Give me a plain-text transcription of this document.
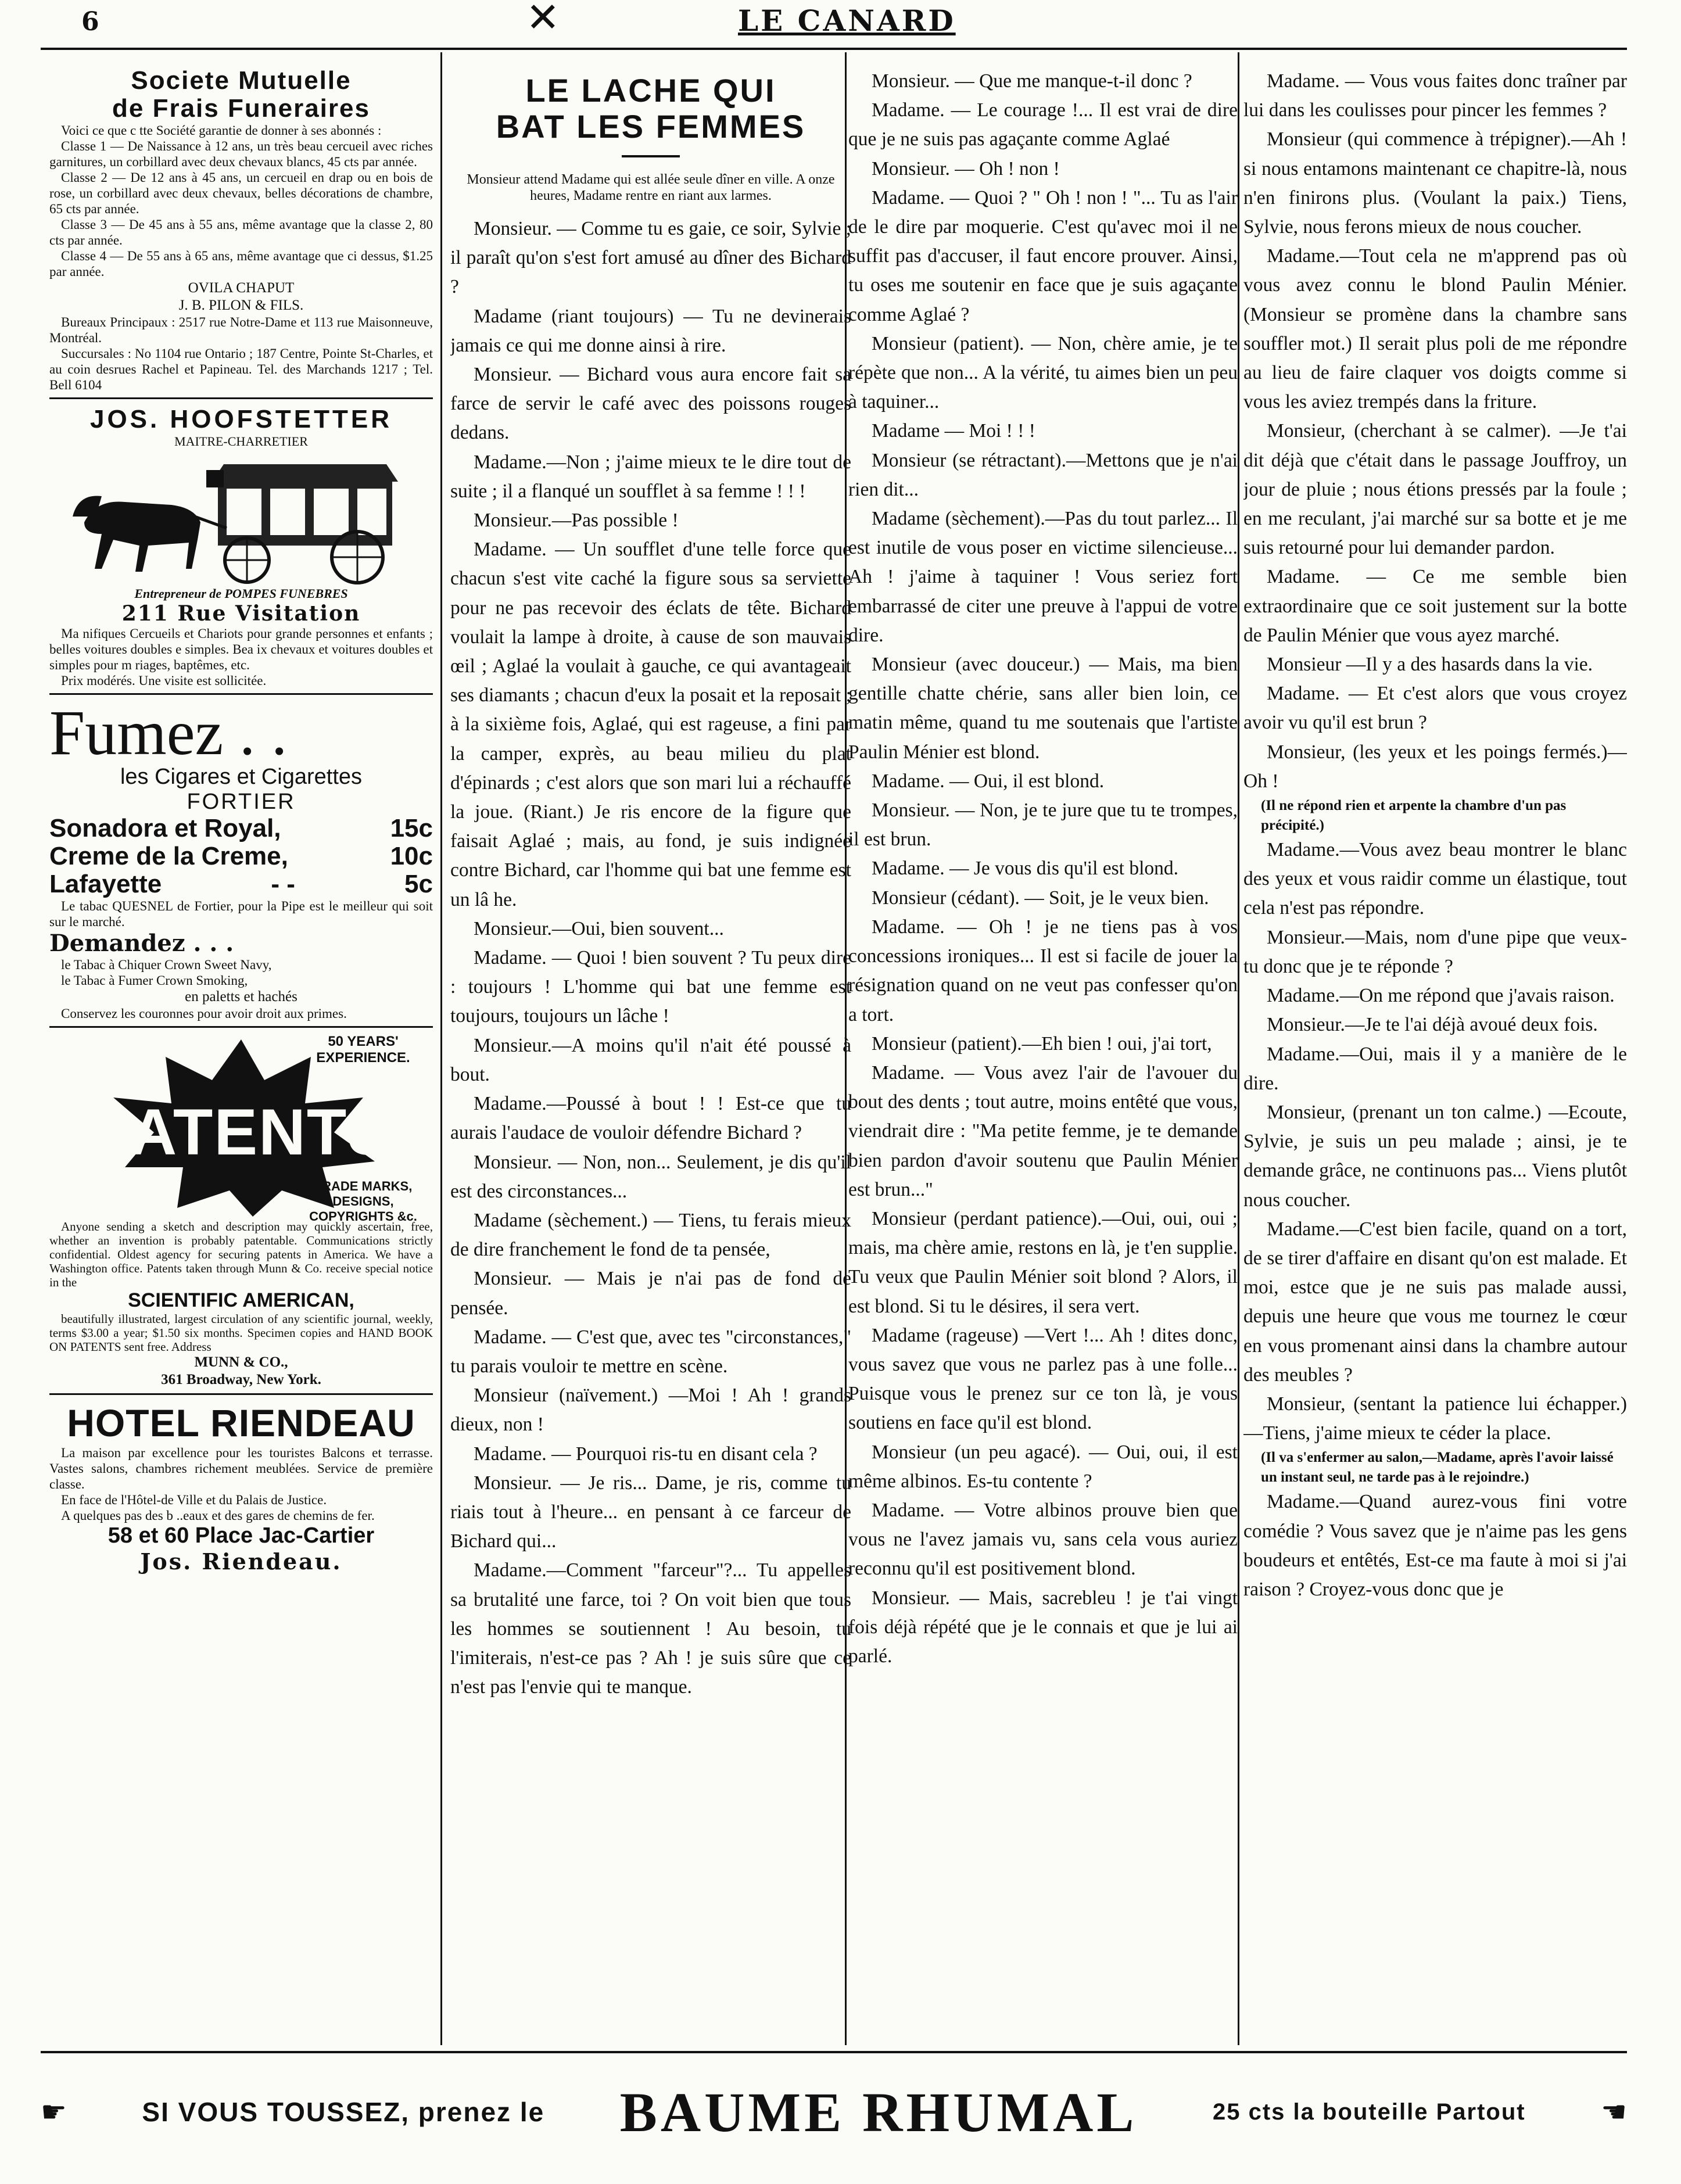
6	✕	LE CANARD
Societe Mutuelle
de Frais Funeraires

Voici ce que c tte Société garantie de donner à ses abonnés :

Classe 1 — De Naissance à 12 ans, un très beau cercueil avec riches garnitures, un corbillard avec deux chevaux blancs, 45 cts par année.

Classe 2 — De 12 ans à 45 ans, un cercueil en drap ou en bois de rose, un corbillard avec deux chevaux, belles décorations de chambre, 65 cts par année.

Classe 3 — De 45 ans à 55 ans, même avantage que la classe 2, 80 cts par année.

Classe 4 — De 55 ans à 65 ans, même avantage que ci dessus, $1.25 par année.

OVILA CHAPUT

J. B. PILON & FILS.

Bureaux Principaux : 2517 rue Notre-Dame et 113 rue Maisonneuve, Montréal.

Succursales : No 1104 rue Ontario ; 187 Centre, Pointe St-Charles, et au coin desrues Rachel et Papineau. Tel. des Marchands 1217 ; Tel. Bell 6104

JOS. HOOFSTETTER
MAITRE-CHARRETIER
Entrepreneur de POMPES FUNEBRES
211 Rue Visitation

Ma nifiques Cercueils et Chariots pour grande personnes et enfants ; belles voitures doubles e simples. Bea ix chevaux et voitures doubles et simples pour m riages, baptêmes, etc.

Prix modérés. Une visite est sollicitée.

Fumez . .
les Cigares et Cigarettes
FORTIER
Sonadora et Royal,	15c
Creme de la Creme,	10c
Lafayette	- -	5c

Le tabac QUESNEL de Fortier, pour la Pipe est le meilleur qui soit sur le marché.

Demandez . . .

le Tabac à Chiquer Crown Sweet Navy,

le Tabac à Fumer Crown Smoking,

en paletts et hachés

Conservez les couronnes pour avoir droit aux primes.

50 YEARS' EXPERIENCE.
PATENTS
TRADE MARKS, DESIGNS, COPYRIGHTS &c.

Anyone sending a sketch and description may quickly ascertain, free, whether an invention is probably patentable. Communications strictly confidential. Oldest agency for securing patents in America. We have a Washington office. Patents taken through Munn & Co. receive special notice in the

SCIENTIFIC AMERICAN,

beautifully illustrated, largest circulation of any scientific journal, weekly, terms $3.00 a year; $1.50 six months. Specimen copies and HAND BOOK ON PATENTS sent free. Address

MUNN & CO.,

361 Broadway, New York.

HOTEL RIENDEAU

La maison par excellence pour les touristes Balcons et terrasse. Vastes salons, chambres richement meublées. Service de première classe.

En face de l'Hôtel-de Ville et du Palais de Justice.

A quelques pas des b ..eaux et des gares de chemins de fer.

58 et 60 Place Jac-Cartier
Jos. Riendeau.
LE LACHE QUI
BAT LES FEMMES
Monsieur attend Madame qui est allée seule dîner en ville. A onze heures, Madame rentre en riant aux larmes.

Monsieur. — Comme tu es gaie, ce soir, Sylvie ; il paraît qu'on s'est fort amusé au dîner des Bichard ?

Madame (riant toujours) — Tu ne devinerais jamais ce qui me donne ainsi à rire.

Monsieur. — Bichard vous aura encore fait sa farce de servir le café avec des poissons rouges dedans.

Madame.—Non ; j'aime mieux te le dire tout de suite ; il a flanqué un soufflet à sa femme ! ! !

Monsieur.—Pas possible !

Madame. — Un soufflet d'une telle force que chacun s'est vite caché la figure sous sa serviette pour ne pas recevoir des éclats de tête. Bichard voulait la lampe à droite, à cause de son mauvais œil ; Aglaé la voulait à gauche, ce qui avantageait ses diamants ; chacun d'eux la posait et la reposait ; à la sixième fois, Aglaé, qui est rageuse, a fini par la camper, exprès, au beau milieu du plat d'épinards ; c'est alors que son mari lui a réchauffé la joue. (Riant.) Je ris encore de la figure que faisait Aglaé ; mais, au fond, je suis indignée contre Bichard, car l'homme qui bat une femme est un lâ he.

Monsieur.—Oui, bien souvent...

Madame. — Quoi ! bien souvent ? Tu peux dire : toujours ! L'homme qui bat une femme est toujours, toujours un lâche !

Monsieur.—A moins qu'il n'ait été poussé à bout.

Madame.—Poussé à bout ! ! Est-ce que tu aurais l'audace de vouloir défendre Bichard ?

Monsieur. — Non, non... Seulement, je dis qu'il est des circonstances...

Madame (sèchement.) — Tiens, tu ferais mieux de dire franchement le fond de ta pensée,

Monsieur. — Mais je n'ai pas de fond de pensée.

Madame. — C'est que, avec tes "circonstances," tu parais vouloir te mettre en scène.

Monsieur (naïvement.) —Moi ! Ah ! grands dieux, non !

Madame. — Pourquoi ris-tu en disant cela ?

Monsieur. — Je ris... Dame, je ris, comme tu riais tout à l'heure... en pensant à ce farceur de Bichard qui...

Madame.—Comment "farceur"?... Tu appelles sa brutalité une farce, toi ? On voit bien que tous les hommes se soutiennent ! Au besoin, tu l'imiterais, n'est-ce pas ? Ah ! je suis sûre que ce n'est pas l'envie qui te manque.

Monsieur. — Que me manque-t-il donc ?

Madame. — Le courage !... Il est vrai de dire que je ne suis pas agaçante comme Aglaé

Monsieur. — Oh ! non !

Madame. — Quoi ? " Oh ! non ! "... Tu as l'air de le dire par moquerie. C'est qu'avec moi il ne suffit pas d'accuser, il faut encore prouver. Ainsi, tu oses me soutenir en face que je suis agaçante comme Aglaé ?

Monsieur (patient). — Non, chère amie, je te répète que non... A la vérité, tu aimes bien un peu à taquiner...

Madame — Moi ! ! !

Monsieur (se rétractant).—Mettons que je n'ai rien dit...

Madame (sèchement).—Pas du tout parlez... Il est inutile de vous poser en victime silencieuse... Ah ! j'aime à taquiner ! Vous seriez fort embarrassé de citer une preuve à l'appui de votre dire.

Monsieur (avec douceur.) — Mais, ma bien gentille chatte chérie, sans aller bien loin, ce matin même, quand tu me soutenais que l'artiste Paulin Ménier est blond.

Madame. — Oui, il est blond.

Monsieur. — Non, je te jure que tu te trompes, il est brun.

Madame. — Je vous dis qu'il est blond.

Monsieur (cédant). — Soit, je le veux bien.

Madame. — Oh ! je ne tiens pas à vos concessions ironiques... Il est si facile de jouer la résignation quand on ne veut pas confesser qu'on a tort.

Monsieur (patient).—Eh bien ! oui, j'ai tort,

Madame. — Vous avez l'air de l'avouer du bout des dents ; tout autre, moins entêté que vous, viendrait dire : "Ma petite femme, je te demande bien pardon d'avoir soutenu que Paulin Ménier est brun..."

Monsieur (perdant patience).—Oui, oui, oui ; mais, ma chère amie, restons en là, je t'en supplie. Tu veux que Paulin Ménier soit blond ? Alors, il est blond. Si tu le désires, il sera vert.

Madame (rageuse) —Vert !... Ah ! dites donc, vous savez que vous ne parlez pas à une folle... Puisque vous le prenez sur ce ton là, je vous soutiens en face qu'il est blond.

Monsieur (un peu agacé). — Oui, oui, il est même albinos. Es-tu contente ?

Madame. — Votre albinos prouve bien que vous ne l'avez jamais vu, sans cela vous auriez reconnu qu'il est positivement blond.

Monsieur. — Mais, sacrebleu ! je t'ai vingt fois déjà répété que je le connais et que je lui ai parlé.

Madame. — Vous vous faites donc traîner par lui dans les coulisses pour pincer les femmes ?

Monsieur (qui commence à trépigner).—Ah ! si nous entamons maintenant ce chapitre-là, nous n'en finirons plus. (Voulant la paix.) Tiens, Sylvie, nous ferons mieux de nous coucher.

Madame.—Tout cela ne m'apprend pas où vous avez connu le blond Paulin Ménier. (Monsieur se promène dans la chambre sans souffler mot.) Il serait plus poli de me répondre au lieu de faire claquer vos doigts comme si vous les aviez trempés dans la friture.

Monsieur, (cherchant à se calmer). —Je t'ai dit déjà que c'était dans le passage Jouffroy, un jour de pluie ; nous étions pressés par la foule ; en me reculant, j'ai marché sur sa botte et je me suis retourné pour lui demander pardon.

Madame. — Ce me semble bien extraordinaire que ce soit justement sur la botte de Paulin Ménier que vous ayez marché.

Monsieur —Il y a des hasards dans la vie.

Madame. — Et c'est alors que vous croyez avoir vu qu'il est brun ?

Monsieur, (les yeux et les poings fermés.)—Oh !

(Il ne répond rien et arpente la chambre d'un pas précipité.)

Madame.—Vous avez beau montrer le blanc des yeux et vous raidir comme un élastique, tout cela n'est pas répondre.

Monsieur.—Mais, nom d'une pipe que veux-tu donc que je te réponde ?

Madame.—On me répond que j'avais raison.

Monsieur.—Je te l'ai déjà avoué deux fois.

Madame.—Oui, mais il y a manière de le dire.

Monsieur, (prenant un ton calme.) —Ecoute, Sylvie, je suis un peu malade ; ainsi, je te demande grâce, ne continuons pas... Viens plutôt nous coucher.

Madame.—C'est bien facile, quand on a tort, de se tirer d'affaire en disant qu'on est malade. Et moi, estce que je ne suis pas malade aussi, depuis une heure que vous me tournez le cœur en vous promenant ainsi dans la chambre autour des meubles ?

Monsieur, (sentant la patience lui échapper.)—Tiens, j'aime mieux te céder la place.

(Il va s'enfermer au salon,—Madame, après l'avoir laissé un instant seul, ne tarde pas à le rejoindre.)

Madame.—Quand aurez-vous fini votre comédie ? Vous savez que je n'aime pas les gens boudeurs et entêtés, Est-ce ma faute à moi si j'ai raison ? Croyez-vous donc que je

☛	SI VOUS TOUSSEZ, prenez le BAUME RHUMAL	25 cts la bouteille Partout	☚
